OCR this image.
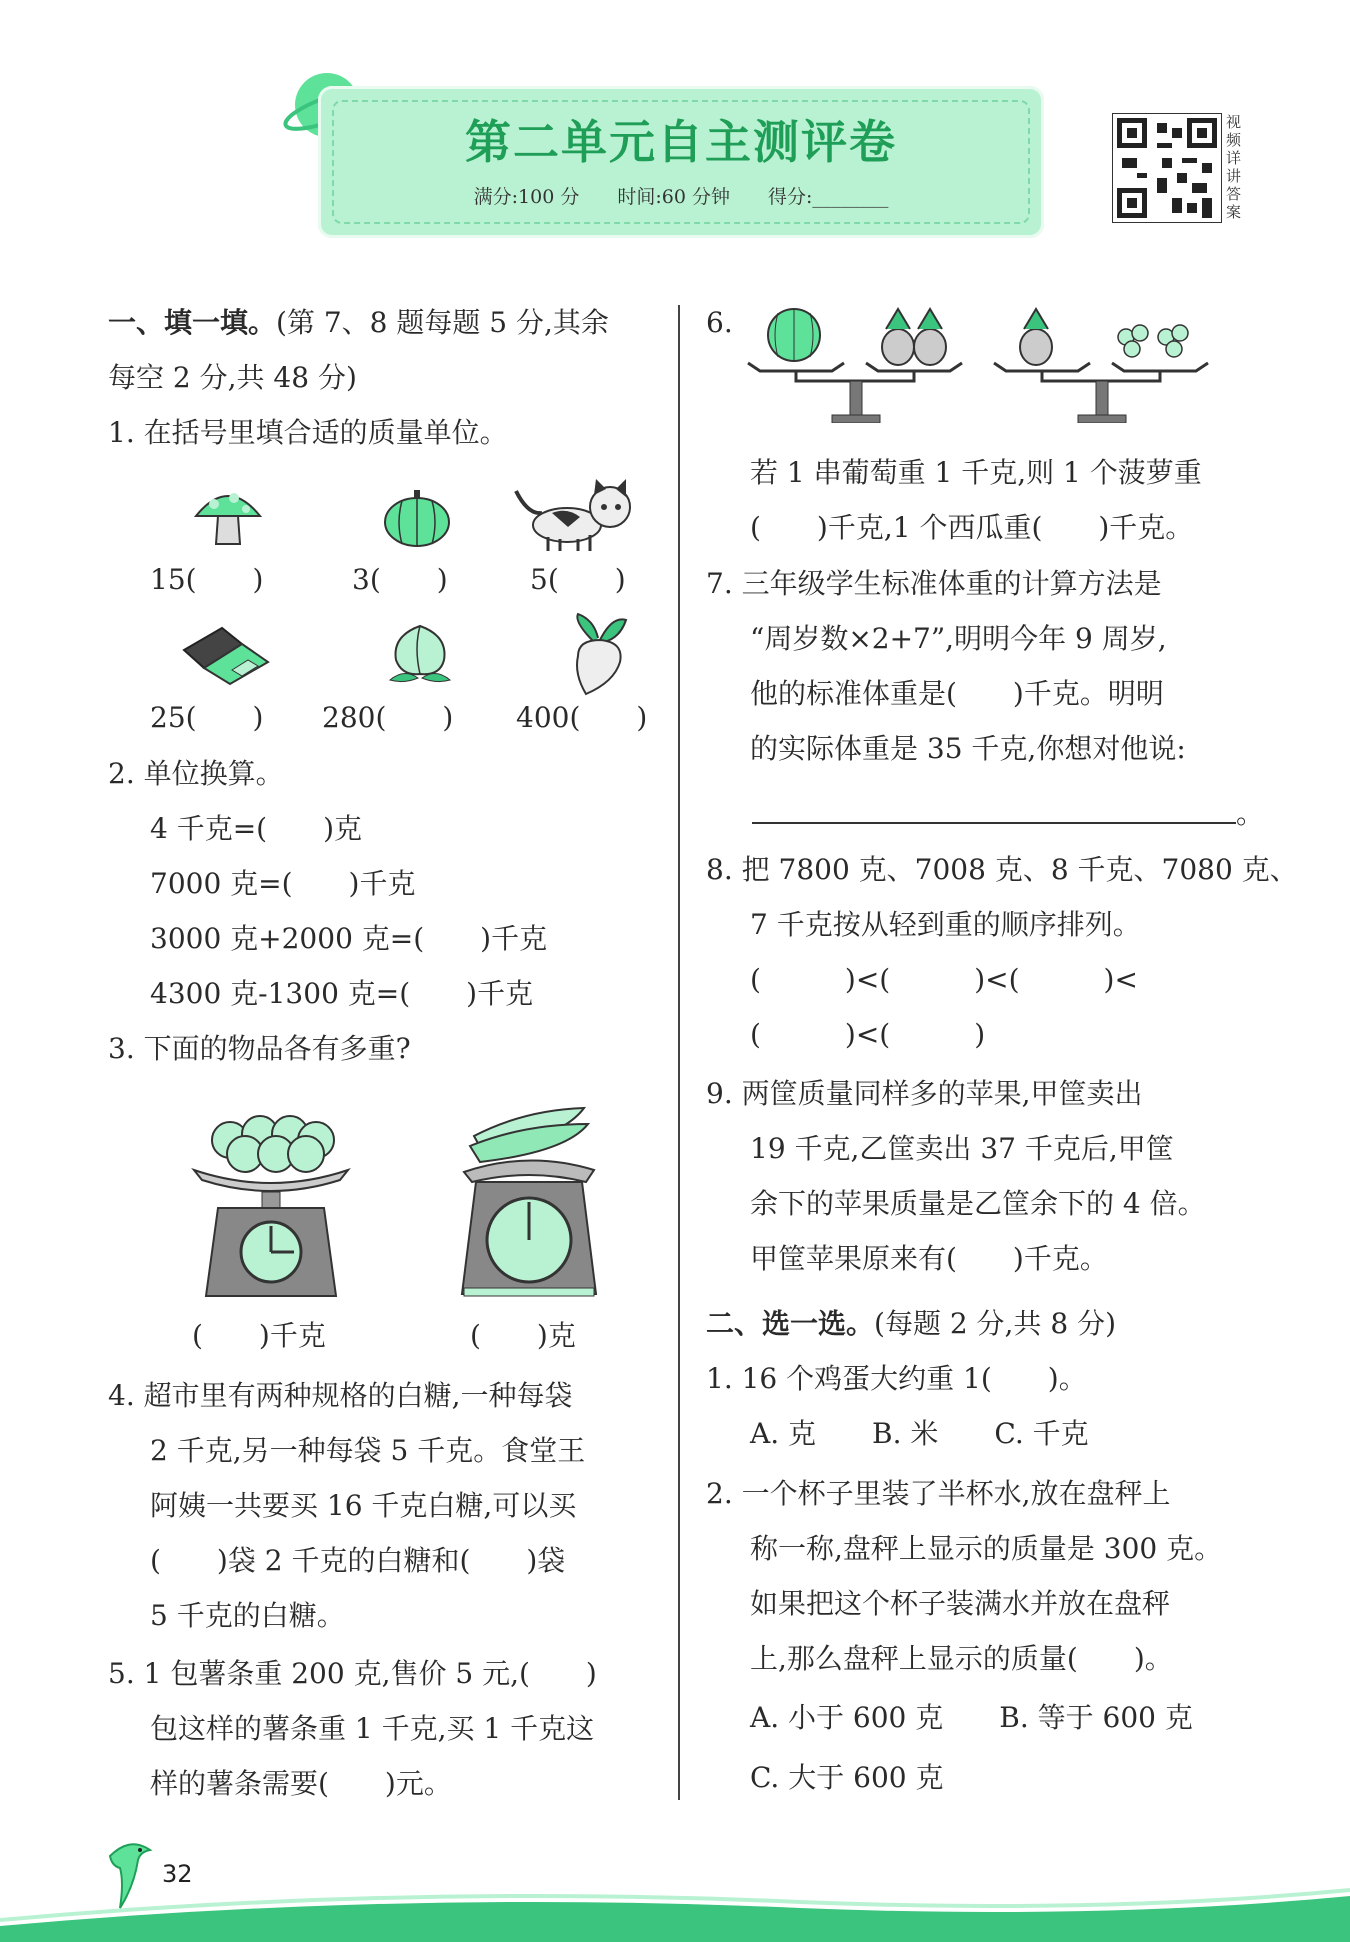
第二单元自主测评卷
满分:100 分　　时间:60 分钟　　得分:________
视频详讲答案
一、填一填。(第 7、8 题每题 5 分,其余
每空 2 分,共 48 分)
1. 在括号里填合适的质量单位。
15(　　)	3(　　)	5(　　)
25(　　) 280(　　) 400(　　)
2. 单位换算。
4 千克=(　　)克
7000 克=(　　)千克
3000 克+2000 克=(　　)千克
4300 克-1300 克=(　　)千克
3. 下面的物品各有多重?
(　　)千克	(　　)克
4. 超市里有两种规格的白糖,一种每袋
2 千克,另一种每袋 5 千克。食堂王
阿姨一共要买 16 千克白糖,可以买
(　　)袋 2 千克的白糖和(　　)袋
5 千克的白糖。
5. 1 包薯条重 200 克,售价 5 元,(　　)
包这样的薯条重 1 千克,买 1 千克这
样的薯条需要(　　)元。
6.
若 1 串葡萄重 1 千克,则 1 个菠萝重
(　　)千克,1 个西瓜重(　　)千克。
7. 三年级学生标准体重的计算方法是
“周岁数×2+7”,明明今年 9 周岁,
他的标准体重是(　　)千克。明明
的实际体重是 35 千克,你想对他说:
。
8. 把 7800 克、7008 克、8 千克、7080 克、
7 千克按从轻到重的顺序排列。
(　　　)<(　　　)<(　　　)<
(　　　)<(　　　)
9. 两筐质量同样多的苹果,甲筐卖出
19 千克,乙筐卖出 37 千克后,甲筐
余下的苹果质量是乙筐余下的 4 倍。
甲筐苹果原来有(　　)千克。
二、选一选。(每题 2 分,共 8 分)
1. 16 个鸡蛋大约重 1(　　)。
A. 克　　B. 米　　C. 千克
2. 一个杯子里装了半杯水,放在盘秤上
称一称,盘秤上显示的质量是 300 克。
如果把这个杯子装满水并放在盘秤
上,那么盘秤上显示的质量(　　)。
A. 小于 600 克　　B. 等于 600 克
C. 大于 600 克
32
